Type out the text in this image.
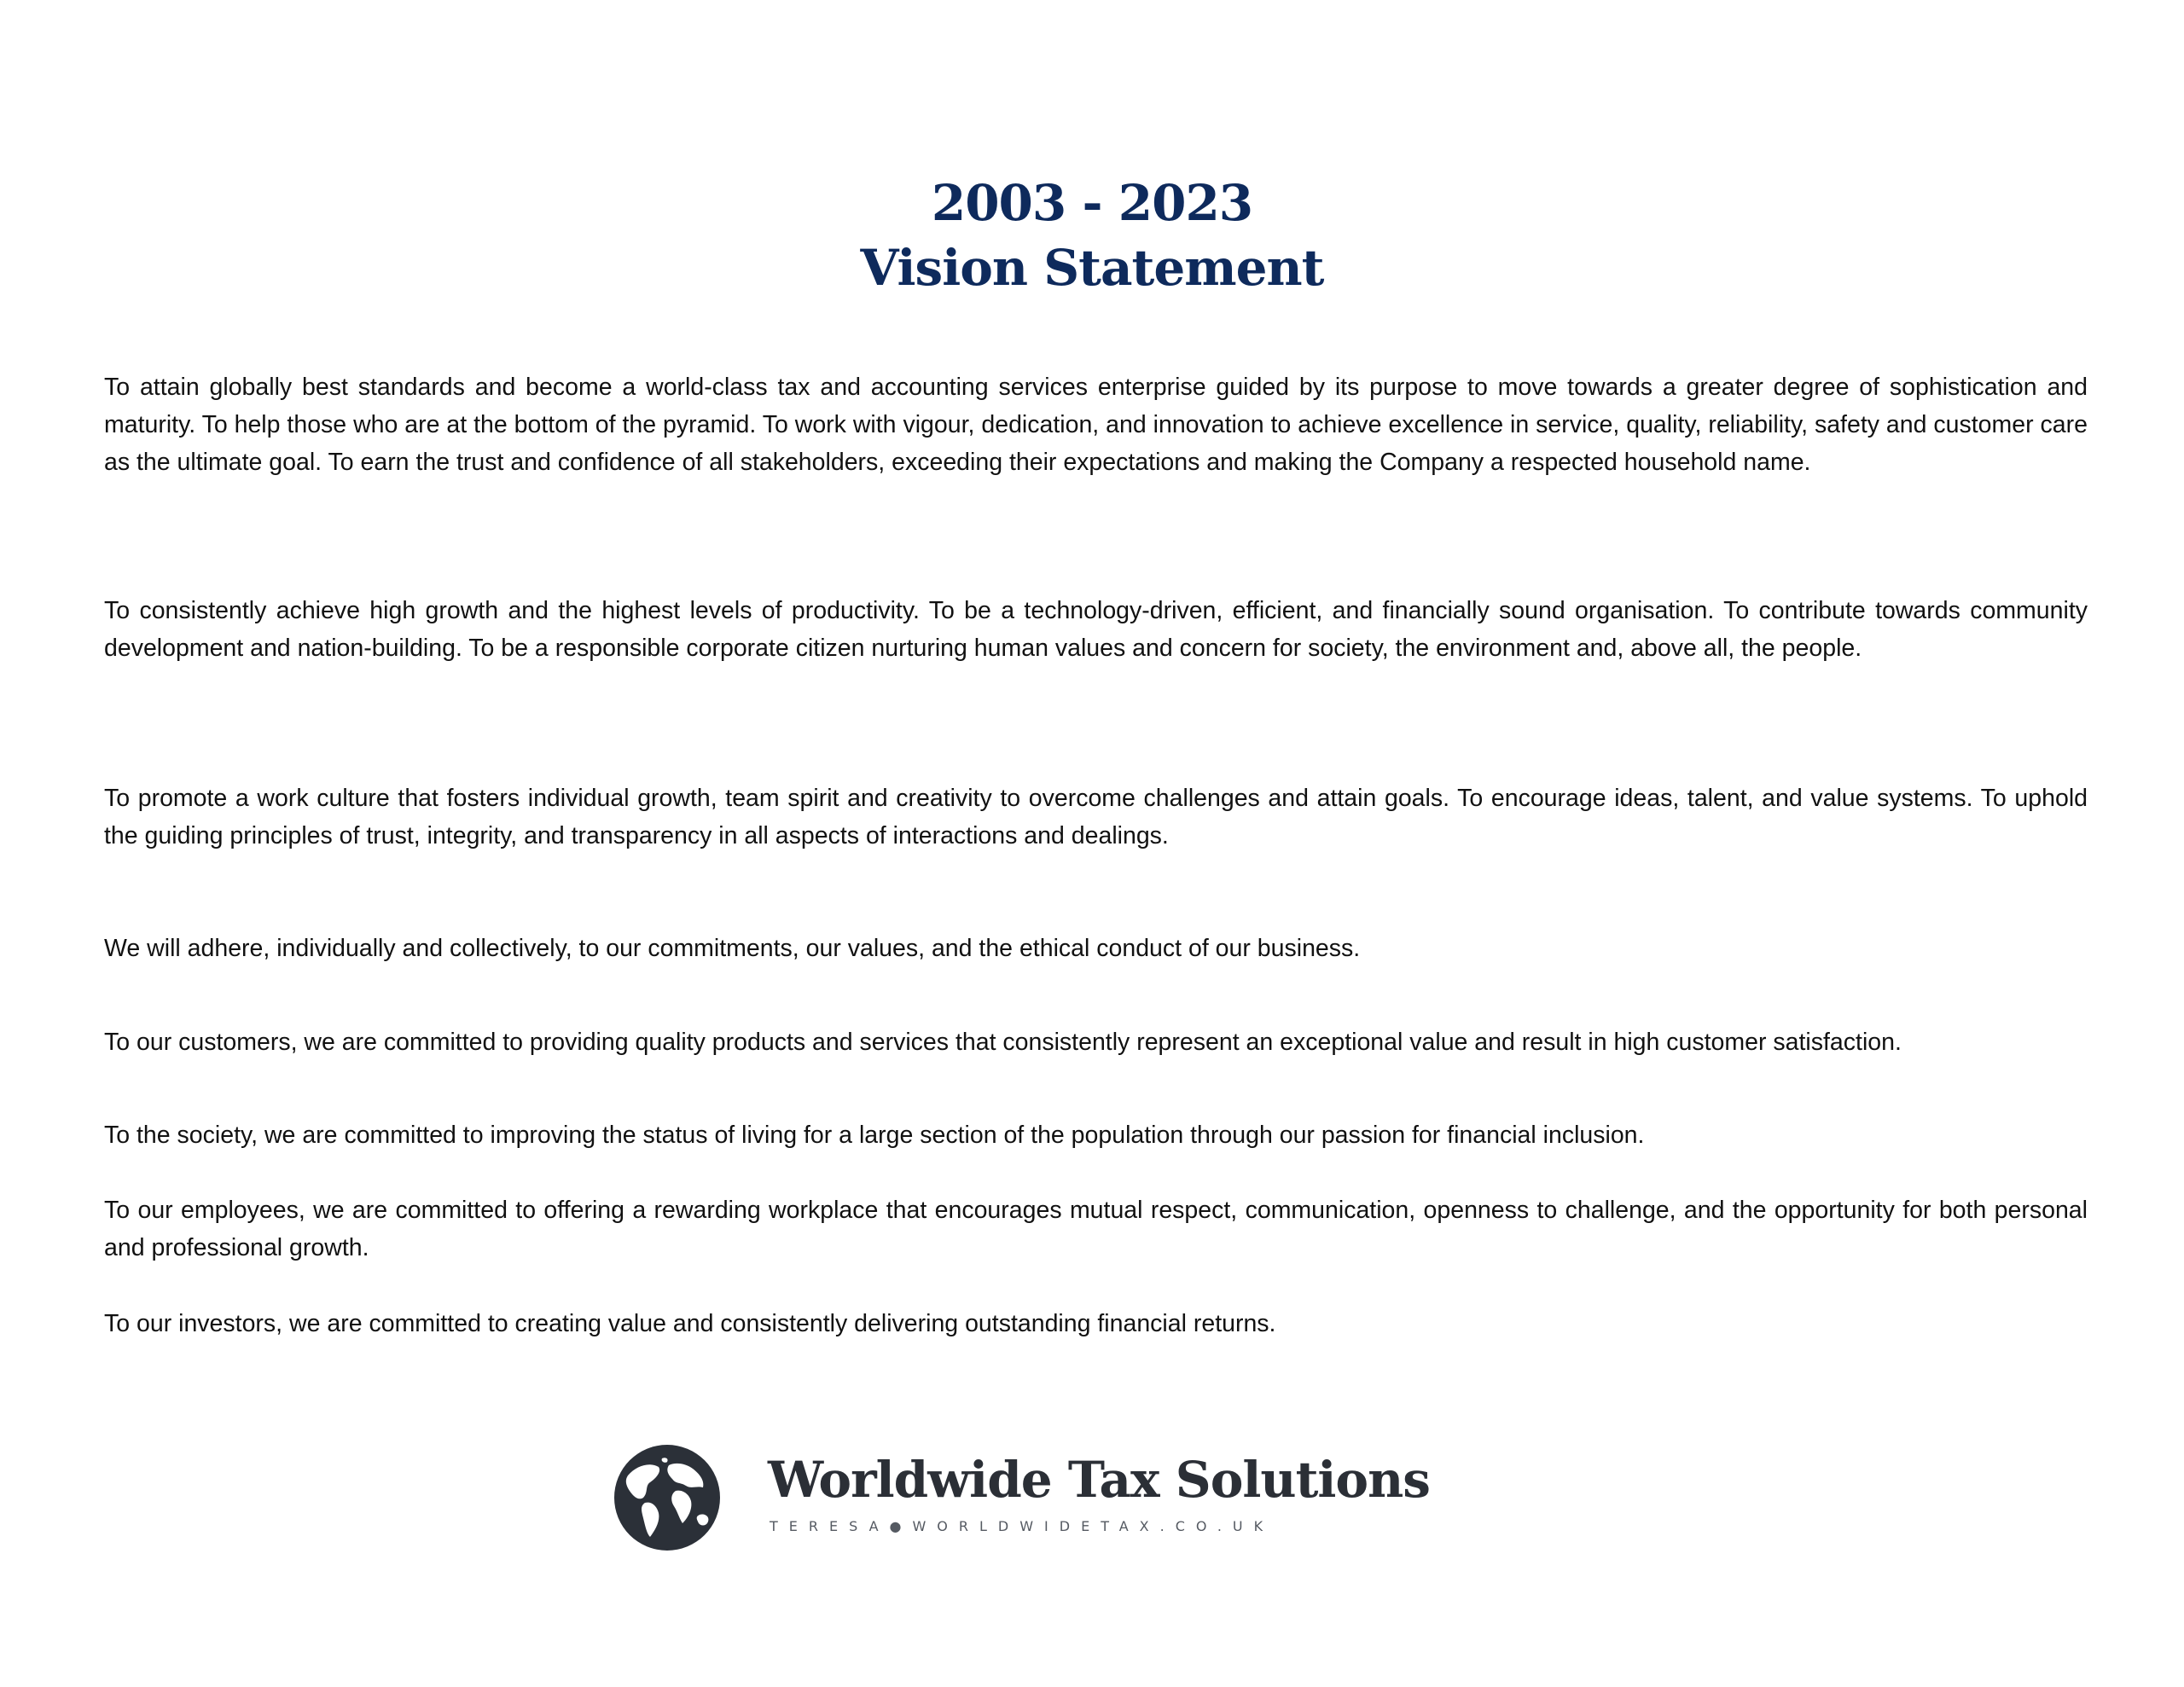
2003 - 2023
Vision Statement

To attain globally best standards and become a world-class tax and accounting services enterprise guided by its purpose to move towards a greater degree of sophistication and maturity. To help those who are at the bottom of the pyramid. To work with vigour, dedication, and innovation to achieve excellence in service, quality, reliability, safety and customer care as the ultimate goal. To earn the trust and confidence of all stakeholders, exceeding their expectations and making the Company a respected household name.

To consistently achieve high growth and the highest levels of productivity. To be a technology-driven, efficient, and financially sound organisation. To contribute towards community development and nation-building. To be a responsible corporate citizen nurturing human values and concern for society, the environment and, above all, the people.

To promote a work culture that fosters individual growth, team spirit and creativity to overcome challenges and attain goals. To encourage ideas, talent, and value systems. To uphold the guiding principles of trust, integrity, and transparency in all aspects of interactions and dealings.

We will adhere, individually and collectively, to our commitments, our values, and the ethical conduct of our business.

To our customers, we are committed to providing quality products and services that consistently represent an exceptional value and result in high customer satisfaction.

To the society, we are committed to improving the status of living for a large section of the population through our passion for financial inclusion.

To our employees, we are committed to offering a rewarding workplace that encourages mutual respect, communication, openness to challenge, and the opportunity for both personal and professional growth.

To our investors, we are committed to creating value and consistently delivering outstanding financial returns.

Worldwide Tax Solutions
TERESA●WORLDWIDETAX.CO.UK
